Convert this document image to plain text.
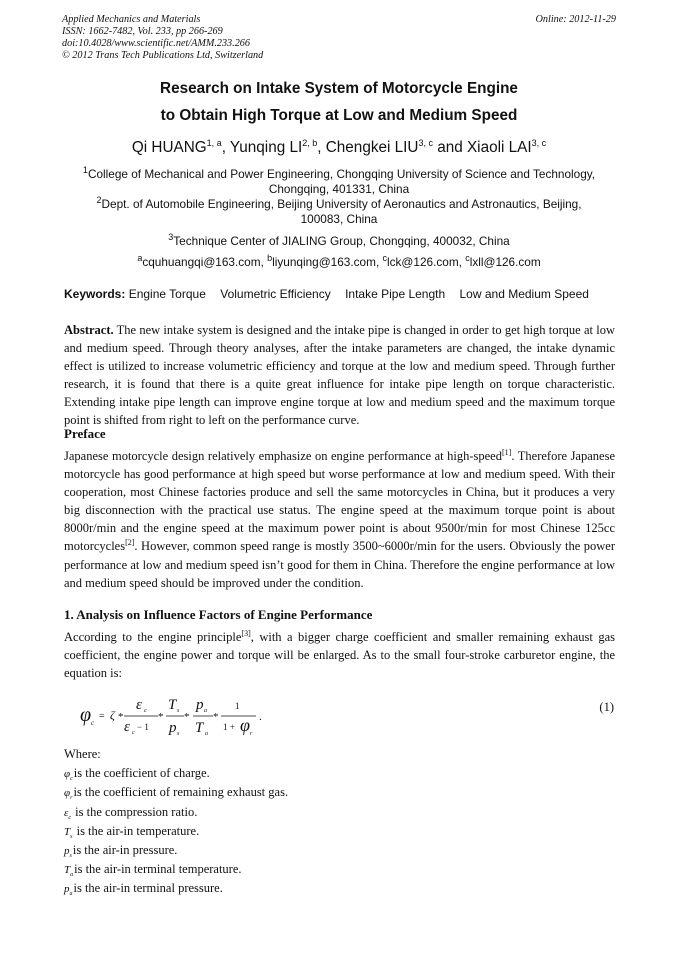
Applied Mechanics and Materials
ISSN: 1662-7482, Vol. 233, pp 266-269
doi:10.4028/www.scientific.net/AMM.233.266
© 2012 Trans Tech Publications Ltd, Switzerland
Online: 2012-11-29
Research on Intake System of Motorcycle Engine
to Obtain High Torque at Low and Medium Speed
Qi HUANG$^{1, a}$, Yunqing LI$^{2, b}$, Chengkei LIU$^{3, c}$ and Xiaoli LAI$^{3, c}$
$^1$College of Mechanical and Power Engineering, Chongqing University of Science and Technology,
Chongqing, 401331, China
$^2$Dept. of Automobile Engineering, Beijing University of Aeronautics and Astronautics, Beijing,
100083, China
$^3$Technique Center of JIALING Group, Chongqing, 400032, China
$^a$cquhuangqi@163.com, $^b$liyunqing@163.com, $^c$lck@126.com, $^c$lxll@126.com
Keywords: Engine Torque Volumetric Efficiency Intake Pipe Length Low and Medium Speed
Abstract. The new intake system is designed and the intake pipe is changed in order to get high torque at low and medium speed. Through theory analyses, after the intake parameters are changed, the intake dynamic effect is utilized to increase volumetric efficiency and torque at the low and medium speed. Through further research, it is found that there is a quite great influence for intake pipe length on torque characteristic. Extending intake pipe length can improve engine torque at low and medium speed and the maximum torque point is shifted from right to left on the performance curve.
Preface
Japanese motorcycle design relatively emphasize on engine performance at high-speed[1]. Therefore Japanese motorcycle has good performance at high speed but worse performance at low and medium speed. With their cooperation, most Chinese factories produce and sell the same motorcycles in China, but it produces a very big disconnection with the practical use status. The engine speed at the maximum torque point is about 8000r/min and the engine speed at the maximum power point is about 9500r/min for most Chinese 125cc motorcycles[2]. However, common speed range is mostly 3500~6000r/min for the users. Obviously the power performance at low and medium speed isn’t good for them in China. Therefore the engine performance at low and medium speed should be improved under the condition.
1. Analysis on Influence Factors of Engine Performance
According to the engine principle[3], with a bigger charge coefficient and smaller remaining exhaust gas coefficient, the engine power and torque will be enlarged. As to the small four-stroke carburetor engine, the equation is:
φ c
= ζ *
ε c
ε c
− 1
*
T s
p s
*
p a
T a
*
1
1 + φ r
.
(1)
Where:
$\varphi_cis$ the coefficient of charge.
$\varphi_ris$ the coefficient of remaining exhaust gas.
$\varepsilon_c$ is the compression ratio.
$T_s$ is the air-in temperature.
$p_sis$ the air-in pressure.
$T_ais$ the air-in terminal temperature.
$p_ais$ the air-in terminal pressure.
